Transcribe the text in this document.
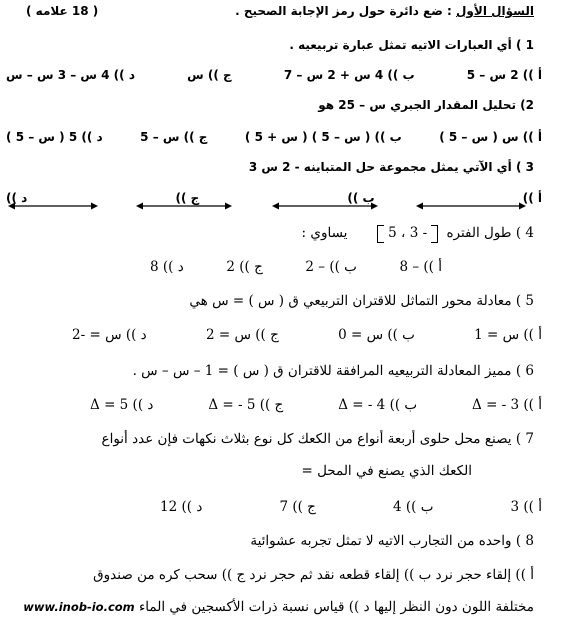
السؤال الأول : ضع دائرة حول رمز الإجابة الصحيح .
( 18 علامه )
1 ) أي العبارات الاتيه تمثل عبارة تربيعيه .
أ )) 2 س – 5
ب )) 4 س + 2 س – 7
ج )) س
د )) 4 س – 3 س – س
2) تحليل المقدار الجبري س – 25 هو
أ )) س ( س – 5 )
ب )) ( س – 5 ) ( س + 5 )
ج )) س – 5
د )) 5 ( س – 5 )
3 ) أي الآتي يمثل مجموعة حل المتباينه - 2 س 3
أ ))
ب ))
ج ))
د ))
4 ) طول الفتره - 3 ، 5      يساوي :
أ )) – 8
ب )) – 2
ج )) 2
د )) 8
5 ) معادلة محور التماثل للاقتران التربيعي ق ( س ) = س هي
أ )) س = 1
ب )) س = 0
ج )) س = 2
د )) س = -2
6 ) مميز المعادلة التربيعيه المرافقة للاقتران ق ( س ) = 1 – س – س .
أ )) Δ = - 3
ب )) Δ = - 4
ج )) Δ = - 5
د )) Δ = 5
7 ) يصنع محل حلوى أربعة أنواع من الكعك كل نوع بثلاث نكهات فإن عدد أنواع
الكعك الذي يصنع في المحل =
أ )) 3
ب )) 4
ج )) 7
د )) 12
8 ) واحده من التجارب الاتيه لا تمثل تجربه عشوائية
أ )) إلقاء حجر نرد ب )) إلقاء قطعه نقد ثم حجر نرد ج )) سحب كره من صندوق
مختلفة اللون دون النظر إليها د )) قياس نسبة ذرات الأكسجين في الماء www.inob-io.com
